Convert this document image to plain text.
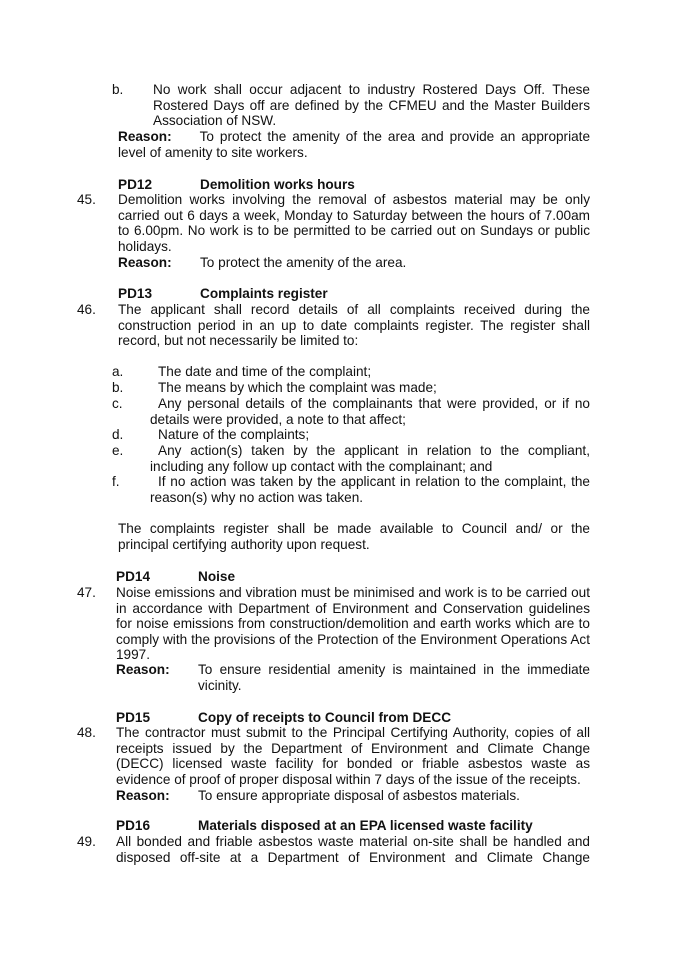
b. No work shall occur adjacent to industry Rostered Days Off. These Rostered Days off are defined by the CFMEU and the Master Builders Association of NSW.
Reason: To protect the amenity of the area and provide an appropriate level of amenity to site workers.
PD12	Demolition works hours
45. Demolition works involving the removal of asbestos material may be only carried out 6 days a week, Monday to Saturday between the hours of 7.00am to 6.00pm. No work is to be permitted to be carried out on Sundays or public holidays.
Reason: To protect the amenity of the area.
PD13	Complaints register
46. The applicant shall record details of all complaints received during the construction period in an up to date complaints register. The register shall record, but not necessarily be limited to:
a.	The date and time of the complaint;
b.	The means by which the complaint was made;
c.	Any personal details of the complainants that were provided, or if no details were provided, a note to that affect;
d.	Nature of the complaints;
e.	Any action(s) taken by the applicant in relation to the compliant, including any follow up contact with the complainant; and
f.	If no action was taken by the applicant in relation to the complaint, the reason(s) why no action was taken.
The complaints register shall be made available to Council and/ or the principal certifying authority upon request.
PD14	Noise
47. Noise emissions and vibration must be minimised and work is to be carried out in accordance with Department of Environment and Conservation guidelines for noise emissions from construction/demolition and earth works which are to comply with the provisions of the Protection of the Environment Operations Act 1997.
Reason: To ensure residential amenity is maintained in the immediate vicinity.
PD15	Copy of receipts to Council from DECC
48. The contractor must submit to the Principal Certifying Authority, copies of all receipts issued by the Department of Environment and Climate Change (DECC) licensed waste facility for bonded or friable asbestos waste as evidence of proof of proper disposal within 7 days of the issue of the receipts.
Reason: To ensure appropriate disposal of asbestos materials.
PD16	Materials disposed at an EPA licensed waste facility
49. All bonded and friable asbestos waste material on-site shall be handled and disposed off-site at a Department of Environment and Climate Change
